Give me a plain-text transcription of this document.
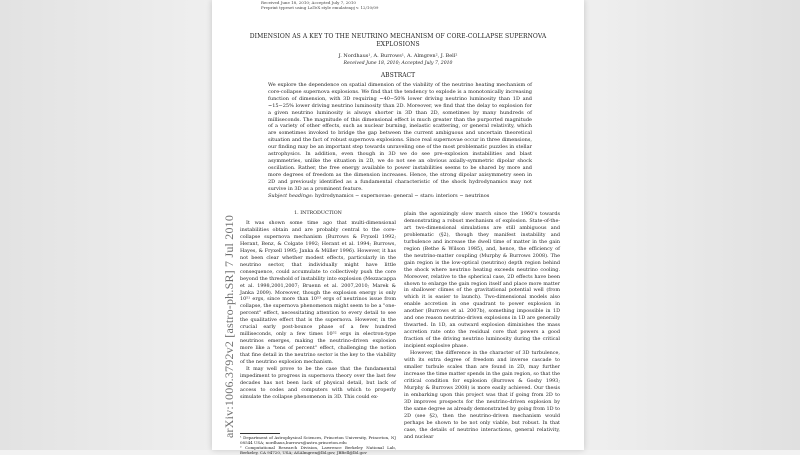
Received June 18, 2010; Accepted July 7, 2010
Preprint typeset using LaTeX style emulateapj v. 12/10/09
DIMENSION AS A KEY TO THE NEUTRINO MECHANISM OF CORE-COLLAPSE SUPERNOVA EXPLOSIONS
J. Nordhaus¹, A. Burrows¹, A. Almgren², J. Bell²
Received June 18, 2010; Accepted July 7, 2010
ABSTRACT
We explore the dependence on spatial dimension of the viability of the neutrino heating mechanism of core-collapse supernova explosions. We find that the tendency to explode is a monotonically increasing function of dimension, with 3D requiring ~40−50% lower driving neutrino luminosity than 1D and ~15−25% lower driving neutrino luminosity than 2D. Moreover, we find that the delay to explosion for a given neutrino luminosity is always shorter in 3D than 2D, sometimes by many hundreds of milliseconds. The magnitude of this dimensional effect is much greater than the purported magnitude of a variety of other effects, such as nuclear burning, inelastic scattering, or general relativity, which are sometimes invoked to bridge the gap between the current ambiguous and uncertain theoretical situation and the fact of robust supernova explosions. Since real supernovae occur in three dimensions, our finding may be an important step towards unraveling one of the most problematic puzzles in stellar astrophysics. In addition, even though in 3D we do see pre-explosion instabilities and blast asymmetries, unlike the situation in 2D, we do not see an obvious axially-symmetric dipolar shock oscillation. Rather, the free energy available to power instabilities seems to be shared by more and more degrees of freedom as the dimension increases. Hence, the strong dipolar axisymmetry seen in 2D and previously identified as a fundamental characteristic of the shock hydrodynamics may not survive in 3D as a prominent feature.
Subject headings: hydrodynamics − supernovae: general − stars: interiors − neutrinos
1. INTRODUCTION

It was shown some time ago that multi-dimensional instabilities obtain and are probably central to the core-collapse supernova mechanism (Burrows & Fryxell 1992; Herant, Benz, & Colgate 1992; Herant et al. 1994; Burrows, Hayes, & Fryxell 1995; Janka & Müller 1996). However, it has not been clear whether modest effects, particularly in the neutrino sector, that individually might have little consequence, could accumulate to collectively push the core beyond the threshold of instability into explosion (Mezzacappa et al. 1998,2001,2007; Bruenn et al. 2007,2010; Marek & Janka 2009). Moreover, though the explosion energy is only 10⁵¹ ergs, since more than 10⁵³ ergs of neutrinos issue from collapse, the supernova phenomenon might seem to be a "one-percent" effect, necessitating attention to every detail to see the qualitative effect that is the supernova. However, in the crucial early post-bounce phase of a few hundred milliseconds, only a few times 10⁵² ergs in electron-type neutrinos emerges, making the neutrino-driven explosion more like a "tens of percent" effect, challenging the notion that fine detail in the neutrino sector is the key to the viability of the neutrino explosion mechanism.

It may well prove to be the case that the fundamental impediment to progress in supernova theory over the last few decades has not been lack of physical detail, but lack of access to codes and computers with which to properly simulate the collapse phenomenon in 3D. This could ex-

¹ Department of Astrophysical Sciences, Princeton University, Princeton, NJ 08544 USA; nordhaus,burrows@astro.princeton.edu
² Computational Research Division, Lawrence Berkeley National Lab, Berkeley, CA 94720, USA; ASAlmgren@lbl.gov, JBBell@lbl.gov

plain the agonizingly slow march since the 1960's towards demonstrating a robust mechanism of explosion. State-of-the-art two-dimensional simulations are still ambiguous and problematic (§2), though they manifest instability and turbulence and increase the dwell time of matter in the gain region (Bethe & Wilson 1985), and, hence, the efficiency of the neutrino-matter coupling (Murphy & Burrows 2008). The gain region is the low-optical (neutrino) depth region behind the shock where neutrino heating exceeds neutrino cooling. Moreover, relative to the spherical case, 2D effects have been shown to enlarge the gain region itself and place more matter in shallower climes of the gravitational potential well (from which it is easier to launch). Two-dimensional models also enable accretion in one quadrant to power explosion in another (Burrows et al. 2007b), something impossible in 1D and one reason neutrino-driven explosions in 1D are generally thwarted. In 1D, an outward explosion diminishes the mass accretion rate onto the residual core that powers a good fraction of the driving neutrino luminosity during the critical incipient explosive phase.

However, the difference in the character of 3D turbulence, with its extra degree of freedom and inverse cascade to smaller turbule scales than are found in 2D, may further increase the time matter spends in the gain region, so that the critical condition for explosion (Burrows & Goshy 1993; Murphy & Burrows 2008) is more easily achieved. Our thesis in embarking upon this project was that if going from 2D to 3D improves prospects for the neutrino-driven explosion by the same degree as already demonstrated by going from 1D to 2D (see §2), then the neutrino-driven mechanism would perhaps be shown to be not only viable, but robust. In that case, the details of neutrino interactions, general relativity, and nuclear

arXiv:1006.3792v2 [astro-ph.SR] 7 Jul 2010
